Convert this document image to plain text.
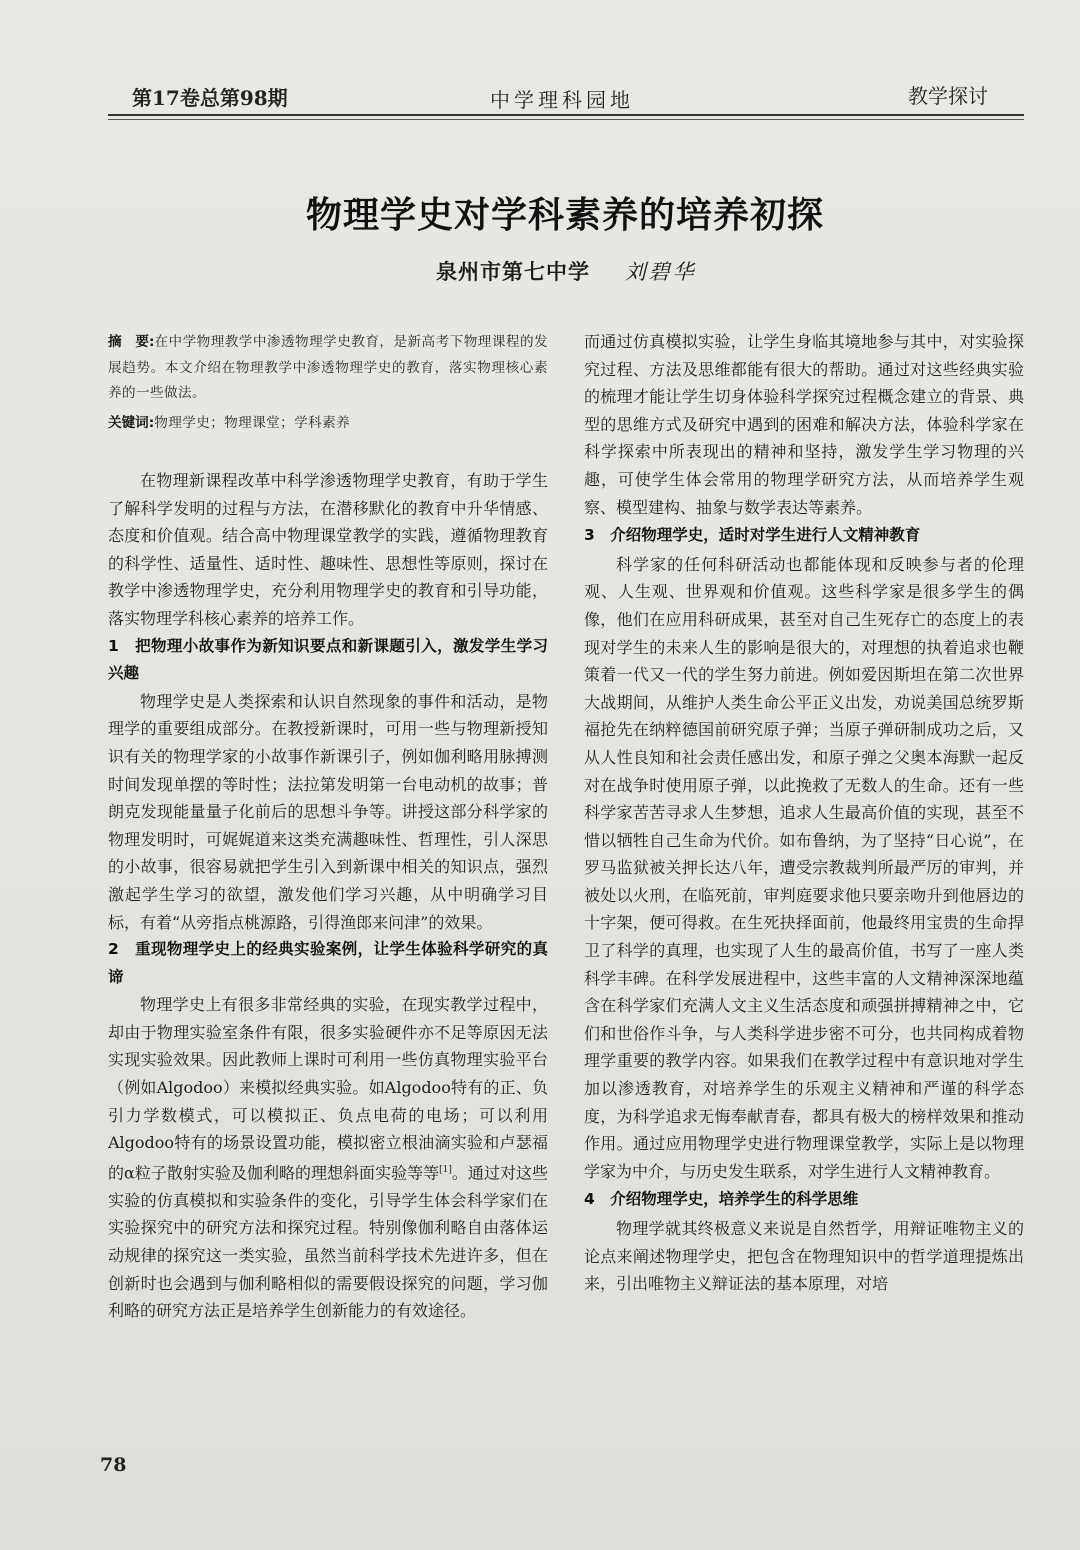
第17卷总第98期	中学理科园地	教学探讨
物理学史对学科素养的培养初探
泉州市第七中学 刘碧华
摘　要:在中学物理教学中渗透物理学史教育，是新高考下物理课程的发展趋势。本文介绍在物理教学中渗透物理学史的教育，落实物理核心素养的一些做法。
关键词:物理学史；物理课堂；学科素养

在物理新课程改革中科学渗透物理学史教育，有助于学生了解科学发明的过程与方法，在潜移默化的教育中升华情感、态度和价值观。结合高中物理课堂教学的实践，遵循物理教育的科学性、适量性、适时性、趣味性、思想性等原则，探讨在教学中渗透物理学史，充分利用物理学史的教育和引导功能，落实物理学科核心素养的培养工作。

1　把物理小故事作为新知识要点和新课题引入，激发学生学习兴趣

物理学史是人类探索和认识自然现象的事件和活动，是物理学的重要组成部分。在教授新课时，可用一些与物理新授知识有关的物理学家的小故事作新课引子，例如伽利略用脉搏测时间发现单摆的等时性；法拉第发明第一台电动机的故事；普朗克发现能量量子化前后的思想斗争等。讲授这部分科学家的物理发明时，可娓娓道来这类充满趣味性、哲理性，引人深思的小故事，很容易就把学生引入到新课中相关的知识点，强烈激起学生学习的欲望，激发他们学习兴趣，从中明确学习目标，有着“从旁指点桃源路，引得渔郎来问津”的效果。

2　重现物理学史上的经典实验案例，让学生体验科学研究的真谛

物理学史上有很多非常经典的实验，在现实教学过程中，却由于物理实验室条件有限，很多实验硬件亦不足等原因无法实现实验效果。因此教师上课时可利用一些仿真物理实验平台（例如Algodoo）来模拟经典实验。如Algodoo特有的正、负引力学数模式，可以模拟正、负点电荷的电场；可以利用Algodoo特有的场景设置功能，模拟密立根油滴实验和卢瑟福的α粒子散射实验及伽利略的理想斜面实验等等[1]。通过对这些实验的仿真模拟和实验条件的变化，引导学生体会科学家们在实验探究中的研究方法和探究过程。特别像伽利略自由落体运动规律的探究这一类实验，虽然当前科学技术先进许多，但在创新时也会遇到与伽利略相似的需要假设探究的问题，学习伽利略的研究方法正是培养学生创新能力的有效途径。

而通过仿真模拟实验，让学生身临其境地参与其中，对实验探究过程、方法及思维都能有很大的帮助。通过对这些经典实验的梳理才能让学生切身体验科学探究过程概念建立的背景、典型的思维方式及研究中遇到的困难和解决方法，体验科学家在科学探索中所表现出的精神和坚持，激发学生学习物理的兴趣，可使学生体会常用的物理学研究方法，从而培养学生观察、模型建构、抽象与数学表达等素养。

3　介绍物理学史，适时对学生进行人文精神教育

科学家的任何科研活动也都能体现和反映参与者的伦理观、人生观、世界观和价值观。这些科学家是很多学生的偶像，他们在应用科研成果，甚至对自己生死存亡的态度上的表现对学生的未来人生的影响是很大的，对理想的执着追求也鞭策着一代又一代的学生努力前进。例如爱因斯坦在第二次世界大战期间，从维护人类生命公平正义出发，劝说美国总统罗斯福抢先在纳粹德国前研究原子弹；当原子弹研制成功之后，又从人性良知和社会责任感出发，和原子弹之父奥本海默一起反对在战争时使用原子弹，以此挽救了无数人的生命。还有一些科学家苦苦寻求人生梦想，追求人生最高价值的实现，甚至不惜以牺牲自己生命为代价。如布鲁纳，为了坚持“日心说”，在罗马监狱被关押长达八年，遭受宗教裁判所最严厉的审判，并被处以火刑，在临死前，审判庭要求他只要亲吻升到他唇边的十字架，便可得救。在生死抉择面前，他最终用宝贵的生命捍卫了科学的真理，也实现了人生的最高价值，书写了一座人类科学丰碑。在科学发展进程中，这些丰富的人文精神深深地蕴含在科学家们充满人文主义生活态度和顽强拼搏精神之中，它们和世俗作斗争，与人类科学进步密不可分，也共同构成着物理学重要的教学内容。如果我们在教学过程中有意识地对学生加以渗透教育，对培养学生的乐观主义精神和严谨的科学态度，为科学追求无悔奉献青春，都具有极大的榜样效果和推动作用。通过应用物理学史进行物理课堂教学，实际上是以物理学家为中介，与历史发生联系，对学生进行人文精神教育。

4　介绍物理学史，培养学生的科学思维

物理学就其终极意义来说是自然哲学，用辩证唯物主义的论点来阐述物理学史，把包含在物理知识中的哲学道理提炼出来，引出唯物主义辩证法的基本原理，对培

78
